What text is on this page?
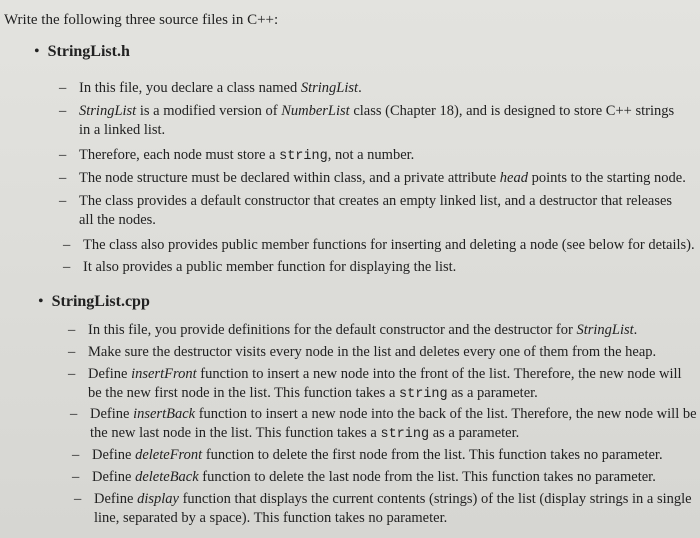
Write the following three source files in C++:
• StringList.h
– In this file, you declare a class named StringList.
– StringList is a modified version of NumberList class (Chapter 18), and is designed to store C++ strings
in a linked list.
– Therefore, each node must store a string, not a number.
– The node structure must be declared within class, and a private attribute head points to the starting node.
– The class provides a default constructor that creates an empty linked list, and a destructor that releases
all the nodes.
– The class also provides public member functions for inserting and deleting a node (see below for details).
– It also provides a public member function for displaying the list.
• StringList.cpp
– In this file, you provide definitions for the default constructor and the destructor for StringList.
– Make sure the destructor visits every node in the list and deletes every one of them from the heap.
– Define insertFront function to insert a new node into the front of the list. Therefore, the new node will
be the new first node in the list. This function takes a string as a parameter.
– Define insertBack function to insert a new node into the back of the list. Therefore, the new node will be
the new last node in the list. This function takes a string as a parameter.
– Define deleteFront function to delete the first node from the list. This function takes no parameter.
– Define deleteBack function to delete the last node from the list. This function takes no parameter.
– Define display function that displays the current contents (strings) of the list (display strings in a single
line, separated by a space). This function takes no parameter.
